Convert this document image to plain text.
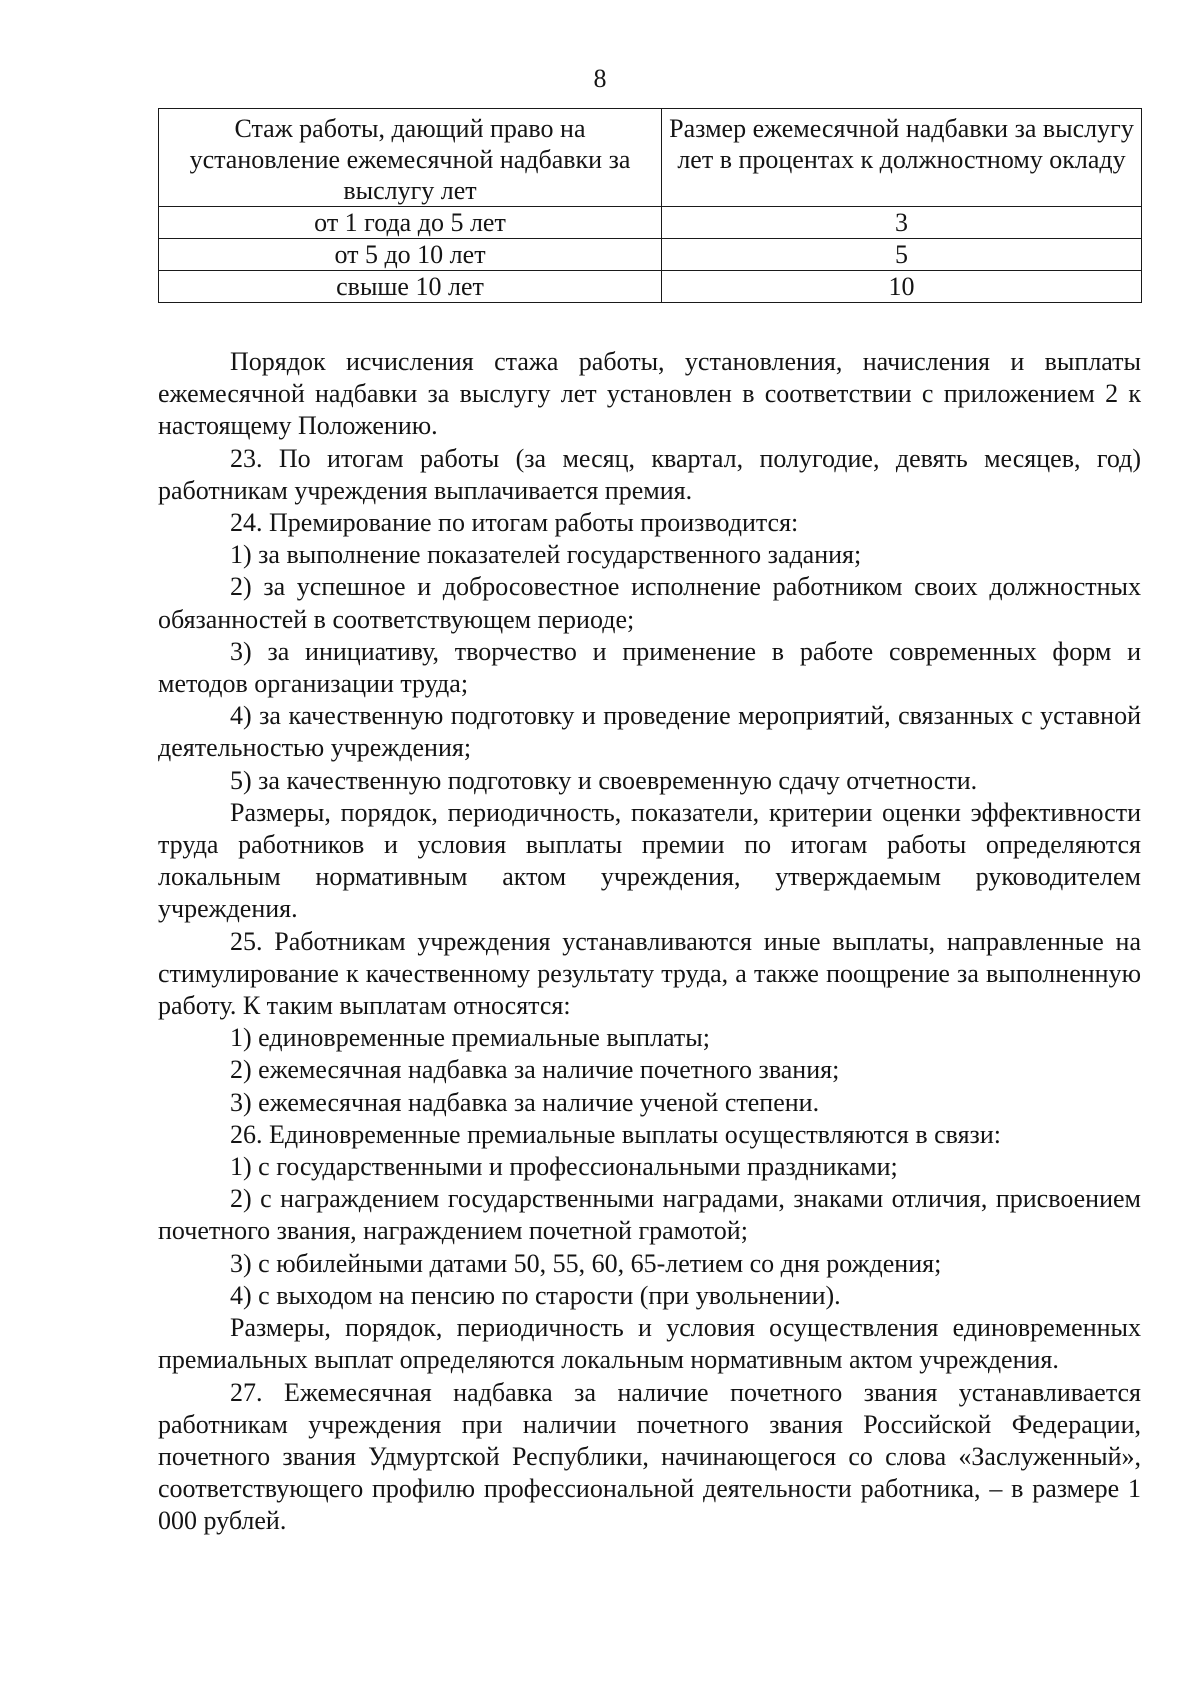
8
Стаж работы, дающий право на установление ежемесячной надбавки за выслугу лет	Размер ежемесячной надбавки за выслугу лет в процентах к должностному окладу
от 1 года до 5 лет	3
от 5 до 10 лет	5
свыше 10 лет	10

Порядок исчисления стажа работы, установления, начисления и выплаты ежемесячной надбавки за выслугу лет установлен в соответствии с приложением 2 к настоящему Положению.

23. По итогам работы (за месяц, квартал, полугодие, девять месяцев, год) работникам учреждения выплачивается премия.

24. Премирование по итогам работы производится:

1) за выполнение показателей государственного задания;

2) за успешное и добросовестное исполнение работником своих должностных обязанностей в соответствующем периоде;

3) за инициативу, творчество и применение в работе современных форм и методов организации труда;

4) за качественную подготовку и проведение мероприятий, связанных с уставной деятельностью учреждения;

5) за качественную подготовку и своевременную сдачу отчетности.

Размеры, порядок, периодичность, показатели, критерии оценки эффективности труда работников и условия выплаты премии по итогам работы определяются локальным нормативным актом учреждения, утверждаемым руководителем учреждения.

25. Работникам учреждения устанавливаются иные выплаты, направленные на стимулирование к качественному результату труда, а также поощрение за выполненную работу. К таким выплатам относятся:

1) единовременные премиальные выплаты;

2) ежемесячная надбавка за наличие почетного звания;

3) ежемесячная надбавка за наличие ученой степени.

26. Единовременные премиальные выплаты осуществляются в связи:

1) с государственными и профессиональными праздниками;

2) с награждением государственными наградами, знаками отличия, присвоением почетного звания, награждением почетной грамотой;

3) с юбилейными датами 50, 55, 60, 65-летием со дня рождения;

4) с выходом на пенсию по старости (при увольнении).

Размеры, порядок, периодичность и условия осуществления единовременных премиальных выплат определяются локальным нормативным актом учреждения.

27. Ежемесячная надбавка за наличие почетного звания устанавливается работникам учреждения при наличии почетного звания Российской Федерации, почетного звания Удмуртской Республики, начинающегося со слова «Заслуженный», соответствующего профилю профессиональной деятельности работника, – в размере 1 000 рублей.
